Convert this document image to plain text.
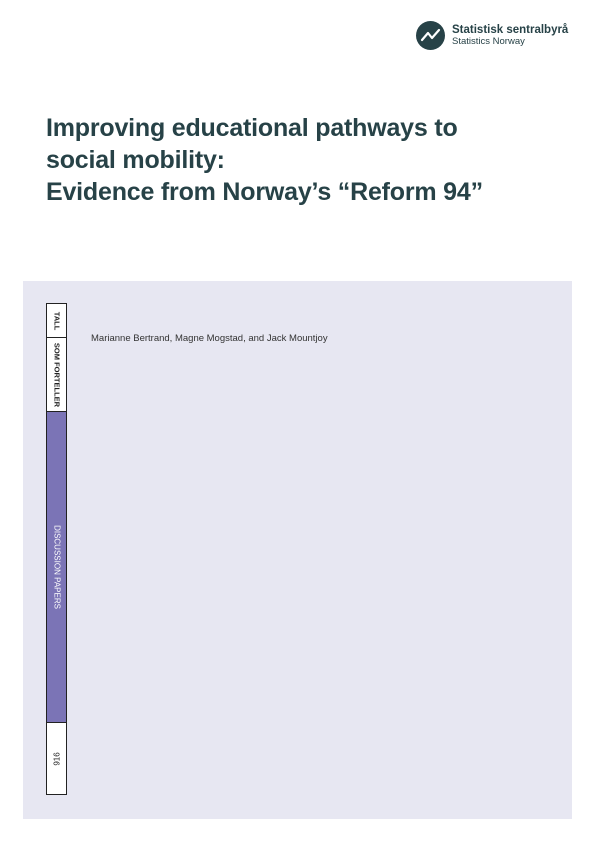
Statistisk sentralbyrå
Statistics Norway
Improving educational pathways to
social mobility:
Evidence from Norway’s “Reform 94”
TALL
SOM FORTELLER
DISCUSSION PAPERS
916
Marianne Bertrand, Magne Mogstad, and Jack Mountjoy
